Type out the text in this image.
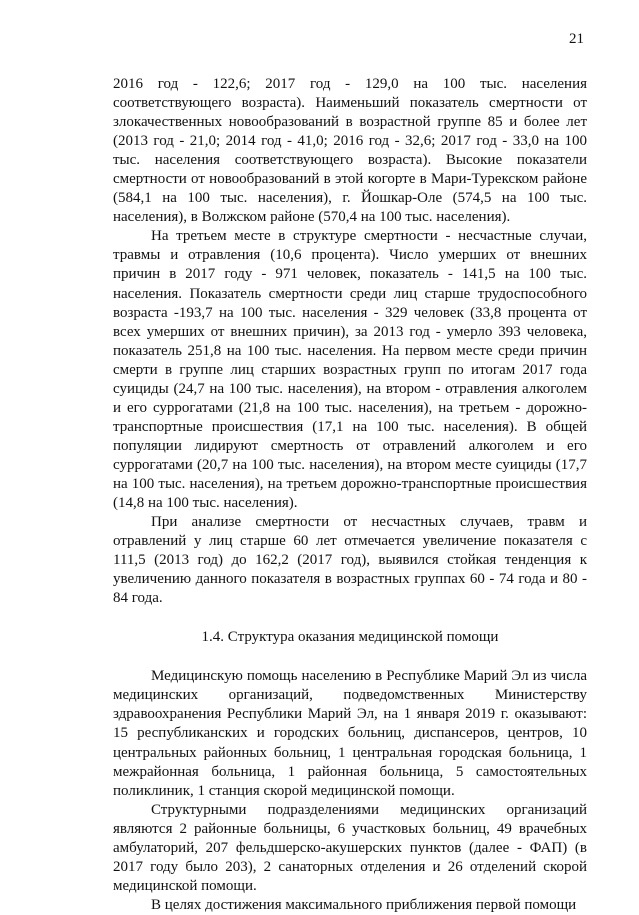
21

2016 год - 122,6; 2017 год - 129,0 на 100 тыс. населения соответствующего возраста). Наименьший показатель смертности от злокачественных новообразований в возрастной группе 85 и более лет (2013 год - 21,0; 2014 год - 41,0; 2016 год - 32,6; 2017 год - 33,0 на 100 тыс. населения соответствующего возраста). Высокие показатели смертности от новообразований в этой когорте в Мари-Турекском районе (584,1 на 100 тыс. населения), г. Йошкар-Оле (574,5 на 100 тыс. населения), в Волжском районе (570,4 на 100 тыс. населения).

На третьем месте в структуре смертности - несчастные случаи, травмы и отравления (10,6 процента). Число умерших от внешних причин в 2017 году - 971 человек, показатель - 141,5 на 100 тыс. населения. Показатель смертности среди лиц старше трудоспособного возраста -193,7 на 100 тыс. населения - 329 человек (33,8 процента от всех умерших от внешних причин), за 2013 год - умерло 393 человека, показатель 251,8 на 100 тыс. населения. На первом месте среди причин смерти в группе лиц старших возрастных групп по итогам 2017 года суициды (24,7 на 100 тыс. населения), на втором - отравления алкоголем и его суррогатами (21,8 на 100 тыс. населения), на третьем - дорожно-транспортные происшествия (17,1 на 100 тыс. населения). В общей популяции лидируют смертность от отравлений алкоголем и его суррогатами (20,7 на 100 тыс. населения), на втором месте суициды (17,7 на 100 тыс. населения), на третьем дорожно-транспортные происшествия (14,8 на 100 тыс. населения).

При анализе смертности от несчастных случаев, травм и отравлений у лиц старше 60 лет отмечается увеличение показателя с 111,5 (2013 год) до 162,2 (2017 год), выявился стойкая тенденция к увеличению данного показателя в возрастных группах 60 - 74 года и 80 - 84 года.

1.4. Структура оказания медицинской помощи

Медицинскую помощь населению в Республике Марий Эл из числа медицинских организаций, подведомственных Министерству здравоохранения Республики Марий Эл, на 1 января 2019 г. оказывают: 15 республиканских и городских больниц, диспансеров, центров, 10 центральных районных больниц, 1 центральная городская больница, 1 межрайонная больница, 1 районная больница, 5 самостоятельных поликлиник, 1 станция скорой медицинской помощи.

Структурными подразделениями медицинских организаций являются 2 районные больницы, 6 участковых больниц, 49 врачебных амбулаторий, 207 фельдшерско-акушерских пунктов (далее - ФАП) (в 2017 году было 203), 2 санаторных отделения и 26 отделений скорой медицинской помощи.

В целях достижения максимального приближения первой помощи
